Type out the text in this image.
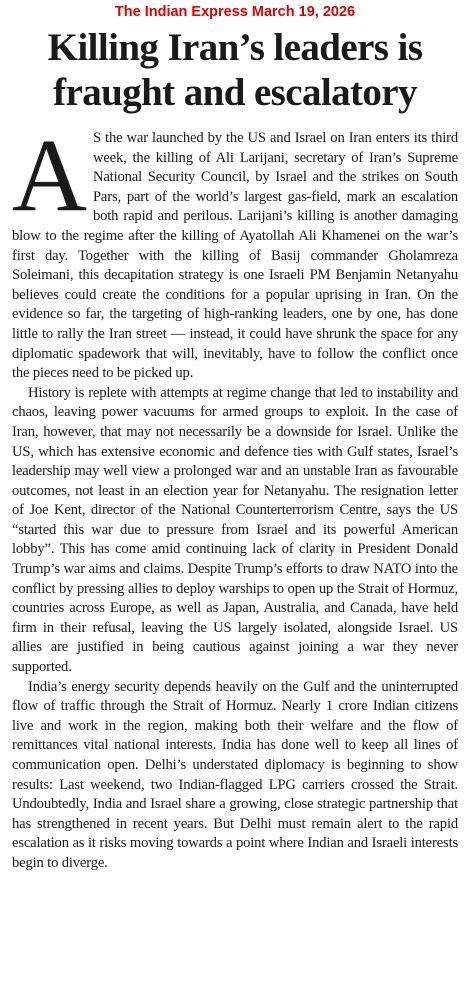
The Indian Express March 19, 2026
Killing Iran’s leaders is fraught and escalatory

A S the war launched by the US and Israel on Iran enters its third week, the killing of Ali Larijani, secretary of Iran’s Supreme National Security Council, by Israel and the strikes on South Pars, part of the world’s largest gas-field, mark an escalation both rapid and perilous. Larijani’s killing is another damaging blow to the regime after the killing of Ayatollah Ali Khamenei on the war’s first day. Together with the killing of Basij commander Gholamreza Soleimani, this decapitation strategy is one Israeli PM Benjamin Netanyahu believes could create the conditions for a popular uprising in Iran. On the evidence so far, the targeting of high-ranking leaders, one by one, has done little to rally the Iran street — instead, it could have shrunk the space for any diplomatic spadework that will, inevitably, have to follow the conflict once the pieces need to be picked up.

History is replete with attempts at regime change that led to instability and chaos, leaving power vacuums for armed groups to exploit. In the case of Iran, however, that may not necessarily be a downside for Israel. Unlike the US, which has extensive economic and defence ties with Gulf states, Israel’s leadership may well view a prolonged war and an unstable Iran as favourable outcomes, not least in an election year for Netanyahu. The resignation letter of Joe Kent, director of the National Counterterrorism Centre, says the US “started this war due to pressure from Israel and its powerful American lobby”. This has come amid continuing lack of clarity in President Donald Trump’s war aims and claims. Despite Trump’s efforts to draw NATO into the conflict by pressing allies to deploy warships to open up the Strait of Hormuz, countries across Europe, as well as Japan, Australia, and Canada, have held firm in their refusal, leaving the US largely isolated, alongside Israel. US allies are justified in being cautious against joining a war they never supported.

India’s energy security depends heavily on the Gulf and the uninterrupted flow of traffic through the Strait of Hormuz. Nearly 1 crore Indian citizens live and work in the region, making both their welfare and the flow of remittances vital national interests. India has done well to keep all lines of communication open. Delhi’s understated diplomacy is beginning to show results: Last weekend, two Indian-flagged LPG carriers crossed the Strait. Undoubtedly, India and Israel share a growing, close strategic partnership that has strengthened in recent years. But Delhi must remain alert to the rapid escalation as it risks moving towards a point where Indian and Israeli interests begin to diverge.
